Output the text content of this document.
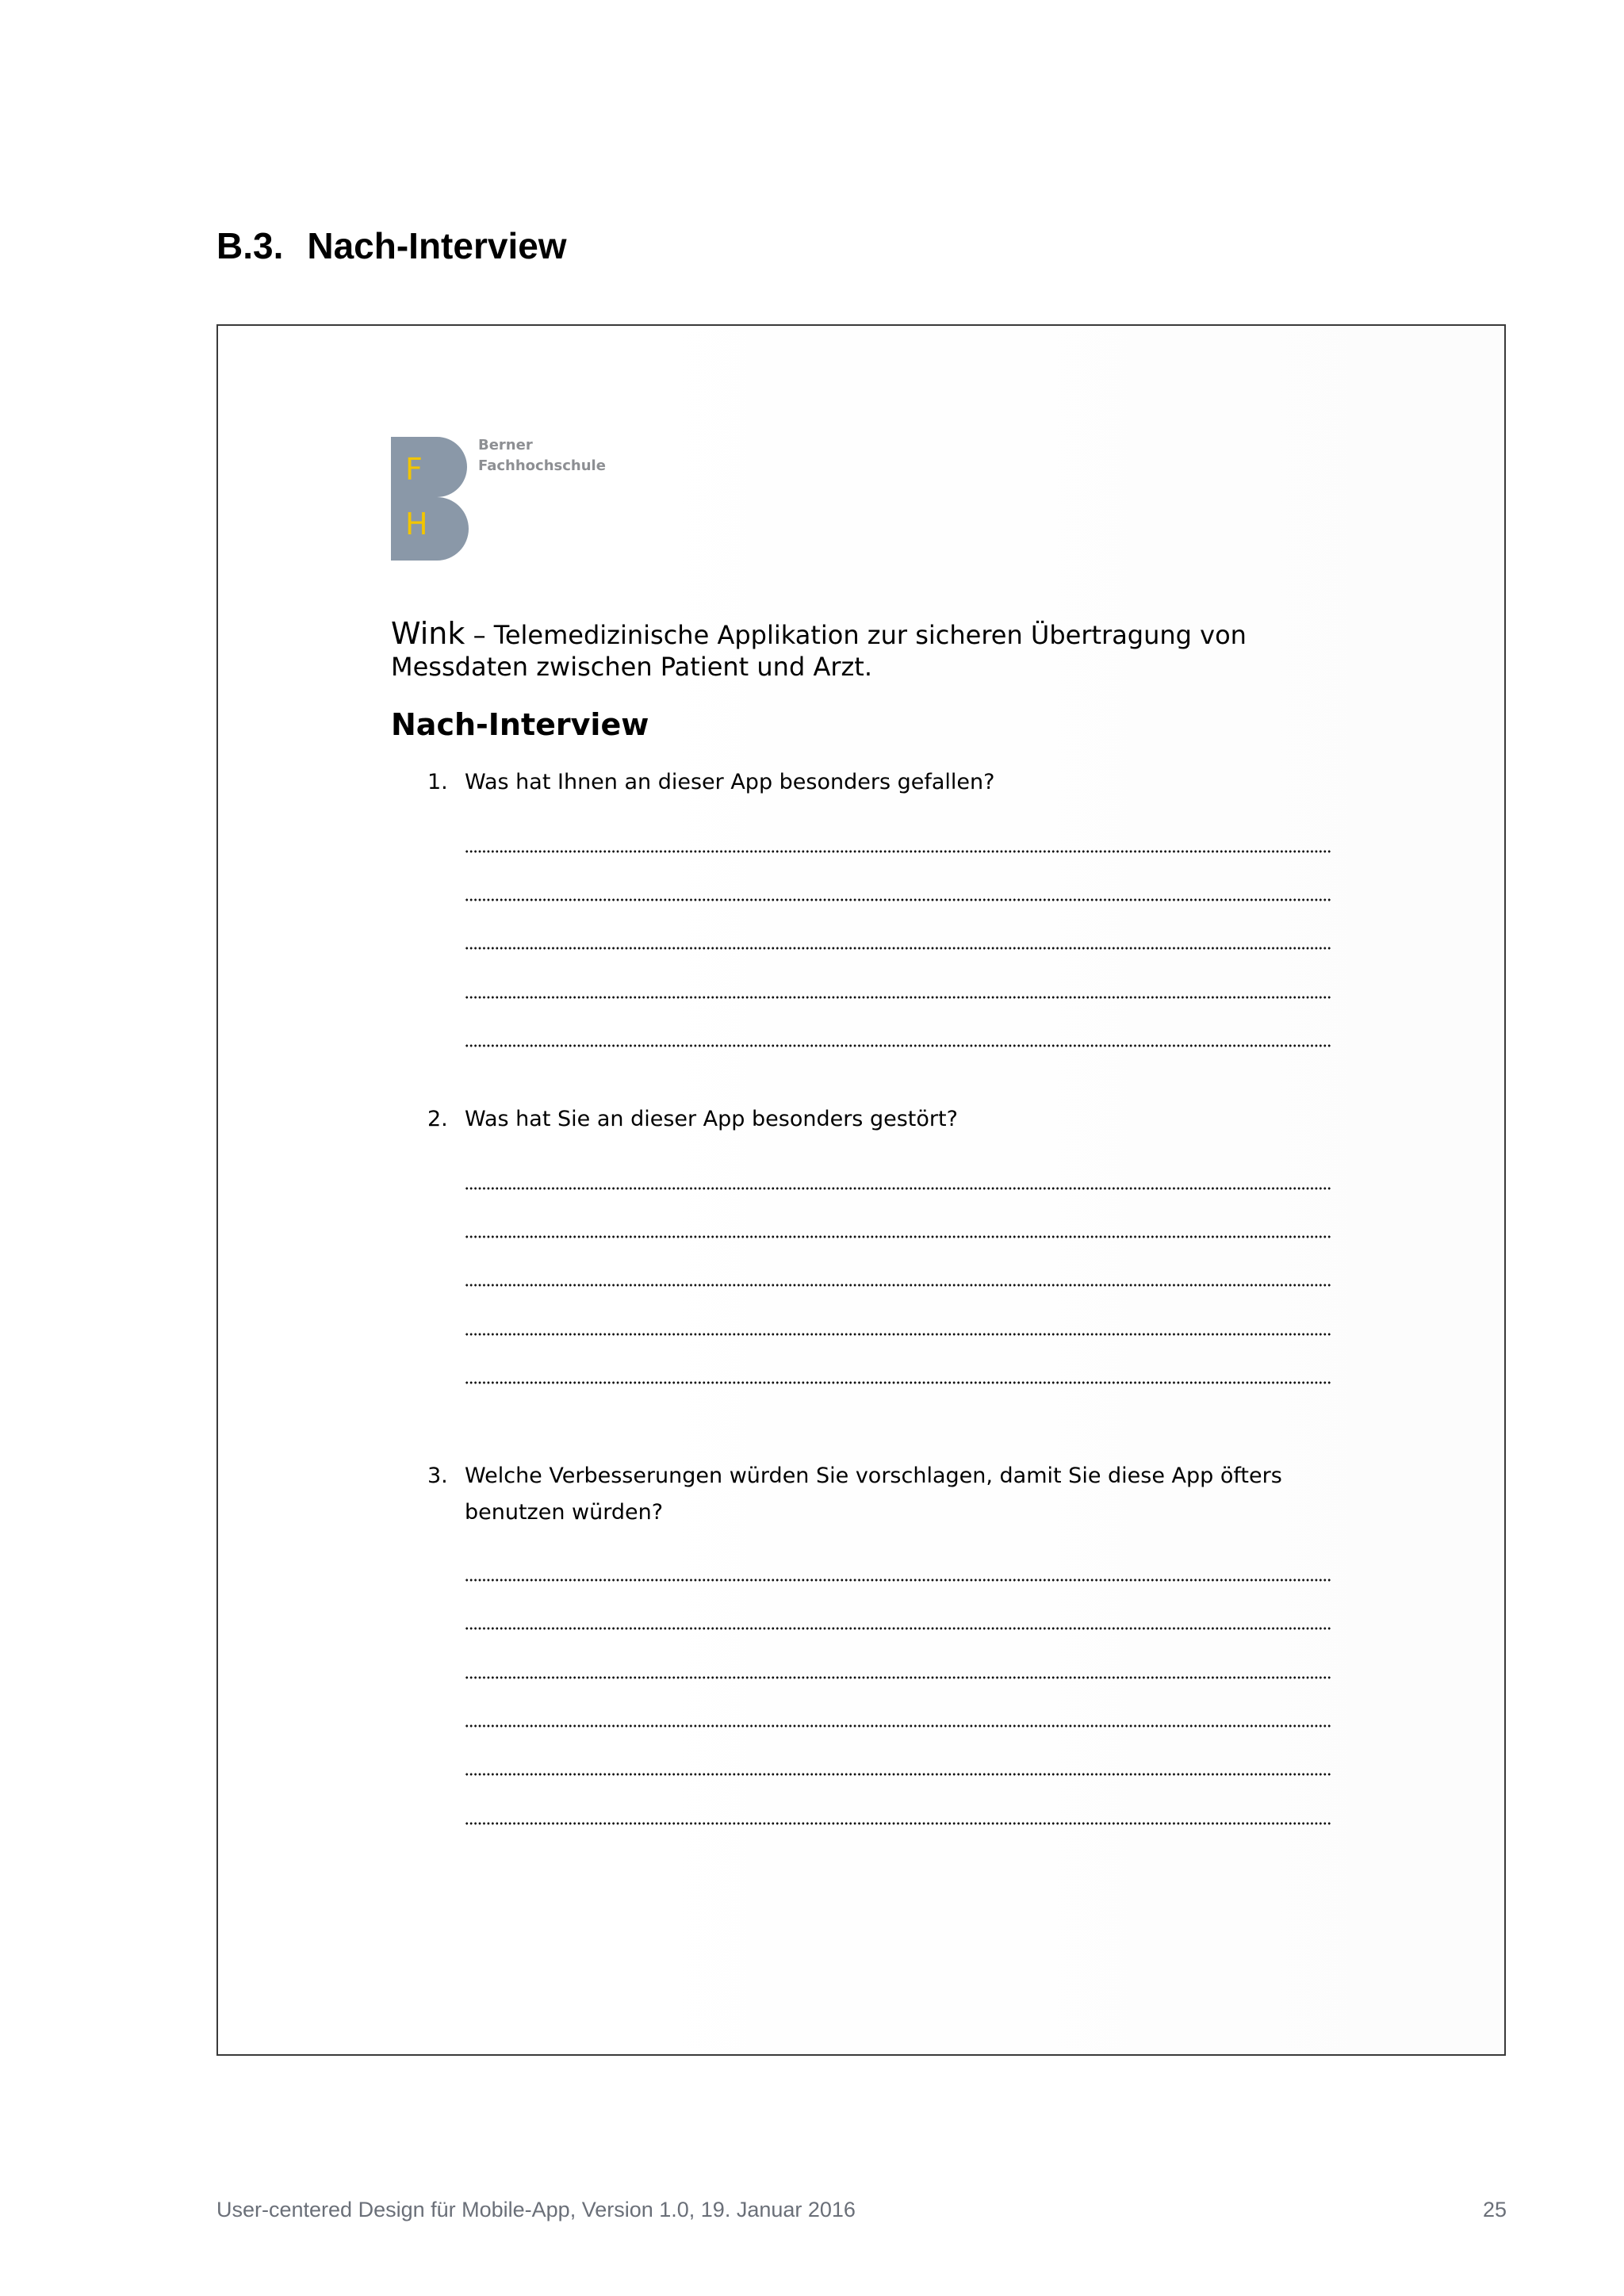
B.3. Nach-Interview
F
H
Berner
Fachhochschule

Wink – Telemedizinische Applikation zur sicheren Übertragung von Messdaten zwischen Patient und Arzt.

Nach-Interview
1. Was hat Ihnen an dieser App besonders gefallen?

2. Was hat Sie an dieser App besonders gestört?

3. Welche Verbesserungen würden Sie vorschlagen, damit Sie diese App öfters benutzen würden?

User-centered Design für Mobile-App, Version 1.0, 19. Januar 2016	25
